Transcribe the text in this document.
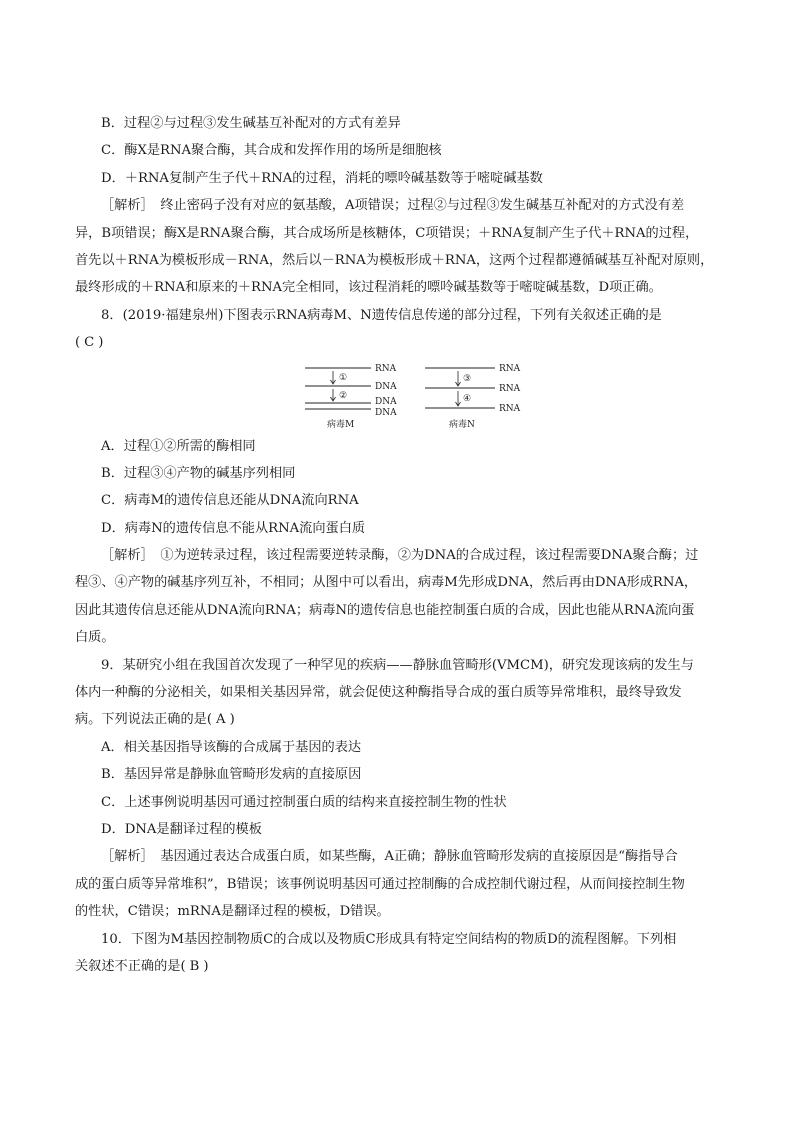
B．过程②与过程③发生碱基互补配对的方式有差异
C．酶X是RNA聚合酶，其合成和发挥作用的场所是细胞核
D．＋RNA复制产生子代＋RNA的过程，消耗的嘌呤碱基数等于嘧啶碱基数
［解析］　终止密码子没有对应的氨基酸，A项错误；过程②与过程③发生碱基互补配对的方式没有差
异，B项错误；酶X是RNA聚合酶，其合成场所是核糖体，C项错误；＋RNA复制产生子代＋RNA的过程，
首先以＋RNA为模板形成－RNA，然后以－RNA为模板形成＋RNA，这两个过程都遵循碱基互补配对原则，
最终形成的＋RNA和原来的＋RNA完全相同，该过程消耗的嘌呤碱基数等于嘧啶碱基数，D项正确。
8．(2019·福建泉州)下图表示RNA病毒M、N遗传信息传递的部分过程，下列有关叙述正确的是
( C )
①
②
RNA
DNA
DNA
DNA
病毒M
③
④
RNA
RNA
RNA
病毒N
A．过程①②所需的酶相同
B．过程③④产物的碱基序列相同
C．病毒M的遗传信息还能从DNA流向RNA
D．病毒N的遗传信息不能从RNA流向蛋白质
［解析］　①为逆转录过程，该过程需要逆转录酶，②为DNA的合成过程，该过程需要DNA聚合酶；过
程③、④产物的碱基序列互补，不相同；从图中可以看出，病毒M先形成DNA，然后再由DNA形成RNA，
因此其遗传信息还能从DNA流向RNA；病毒N的遗传信息也能控制蛋白质的合成，因此也能从RNA流向蛋
白质。
9．某研究小组在我国首次发现了一种罕见的疾病——静脉血管畸形(VMCM)，研究发现该病的发生与
体内一种酶的分泌相关，如果相关基因异常，就会促使这种酶指导合成的蛋白质等异常堆积，最终导致发
病。下列说法正确的是( A )
A．相关基因指导该酶的合成属于基因的表达
B．基因异常是静脉血管畸形发病的直接原因
C．上述事例说明基因可通过控制蛋白质的结构来直接控制生物的性状
D．DNA是翻译过程的模板
［解析］　基因通过表达合成蛋白质，如某些酶，A正确；静脉血管畸形发病的直接原因是“酶指导合
成的蛋白质等异常堆积”，B错误；该事例说明基因可通过控制酶的合成控制代谢过程，从而间接控制生物
的性状，C错误；mRNA是翻译过程的模板，D错误。
10．下图为M基因控制物质C的合成以及物质C形成具有特定空间结构的物质D的流程图解。下列相
关叙述不正确的是( B )
